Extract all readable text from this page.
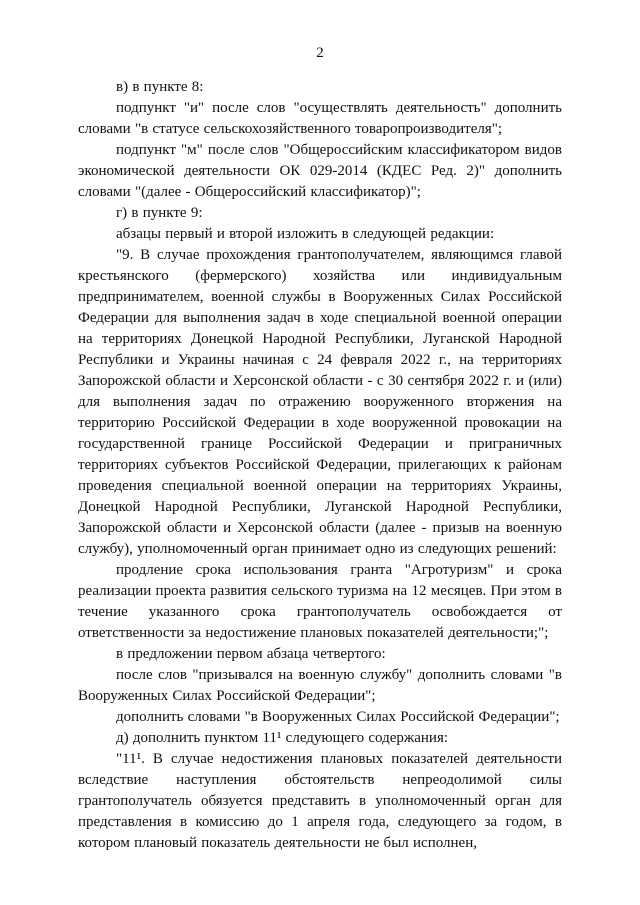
2

в) в пункте 8:

подпункт "и" после слов "осуществлять деятельность" дополнить словами "в статусе сельскохозяйственного товаропроизводителя";

подпункт "м" после слов "Общероссийским классификатором видов экономической деятельности ОК 029-2014 (КДЕС Ред. 2)" дополнить словами "(далее - Общероссийский классификатор)";

г) в пункте 9:

абзацы первый и второй изложить в следующей редакции:

"9. В случае прохождения грантополучателем, являющимся главой крестьянского (фермерского) хозяйства или индивидуальным предпринимателем, военной службы в Вооруженных Силах Российской Федерации для выполнения задач в ходе специальной военной операции на территориях Донецкой Народной Республики, Луганской Народной Республики и Украины начиная с 24 февраля 2022 г., на территориях Запорожской области и Херсонской области - с 30 сентября 2022 г. и (или) для выполнения задач по отражению вооруженного вторжения на территорию Российской Федерации в ходе вооруженной провокации на государственной границе Российской Федерации и приграничных территориях субъектов Российской Федерации, прилегающих к районам проведения специальной военной операции на территориях Украины, Донецкой Народной Республики, Луганской Народной Республики, Запорожской области и Херсонской области (далее - призыв на военную службу), уполномоченный орган принимает одно из следующих решений:

продление срока использования гранта "Агротуризм" и срока реализации проекта развития сельского туризма на 12 месяцев. При этом в течение указанного срока грантополучатель освобождается от ответственности за недостижение плановых показателей деятельности;";

в предложении первом абзаца четвертого:

после слов "призывался на военную службу" дополнить словами "в Вооруженных Силах Российской Федерации";

дополнить словами "в Вооруженных Силах Российской Федерации";

д) дополнить пунктом 11¹ следующего содержания:

"11¹. В случае недостижения плановых показателей деятельности вследствие наступления обстоятельств непреодолимой силы грантополучатель обязуется представить в уполномоченный орган для представления в комиссию до 1 апреля года, следующего за годом, в котором плановый показатель деятельности не был исполнен,
